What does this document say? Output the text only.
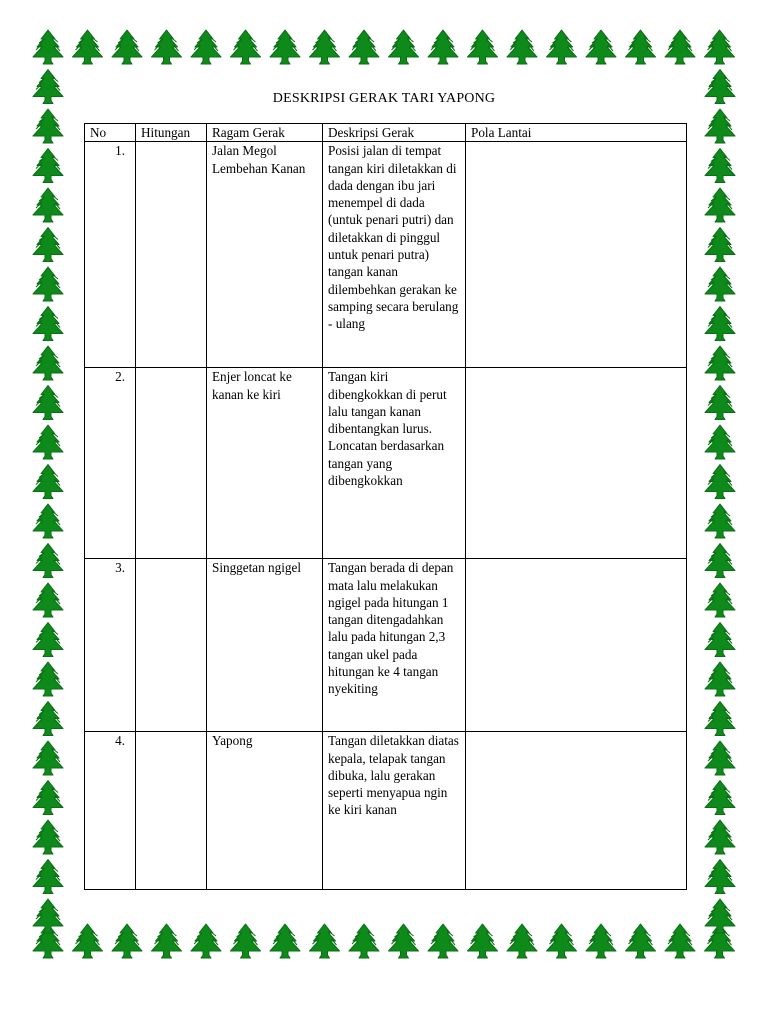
DESKRIPSI GERAK TARI YAPONG
No	Hitungan	Ragam Gerak	Deskripsi Gerak	Pola Lantai
1.		Jalan Megol Lembehan Kanan	Posisi jalan di tempat tangan kiri diletakkan di dada dengan ibu jari menempel di dada (untuk penari putri) dan diletakkan di pinggul untuk penari putra) tangan kanan dilembehkan gerakan ke samping secara berulang - ulang	
2.		Enjer loncat ke kanan ke kiri	Tangan kiri dibengkokkan di perut lalu tangan kanan dibentangkan lurus. Loncatan berdasarkan tangan yang dibengkokkan	
3.		Singgetan ngigel	Tangan berada di depan mata lalu melakukan ngigel pada hitungan 1 tangan ditengadahkan lalu pada hitungan 2,3 tangan ukel pada hitungan ke 4 tangan nyekiting	
4.		Yapong	Tangan diletakkan diatas kepala, telapak tangan dibuka, lalu gerakan seperti menyapua ngin ke kiri kanan	
